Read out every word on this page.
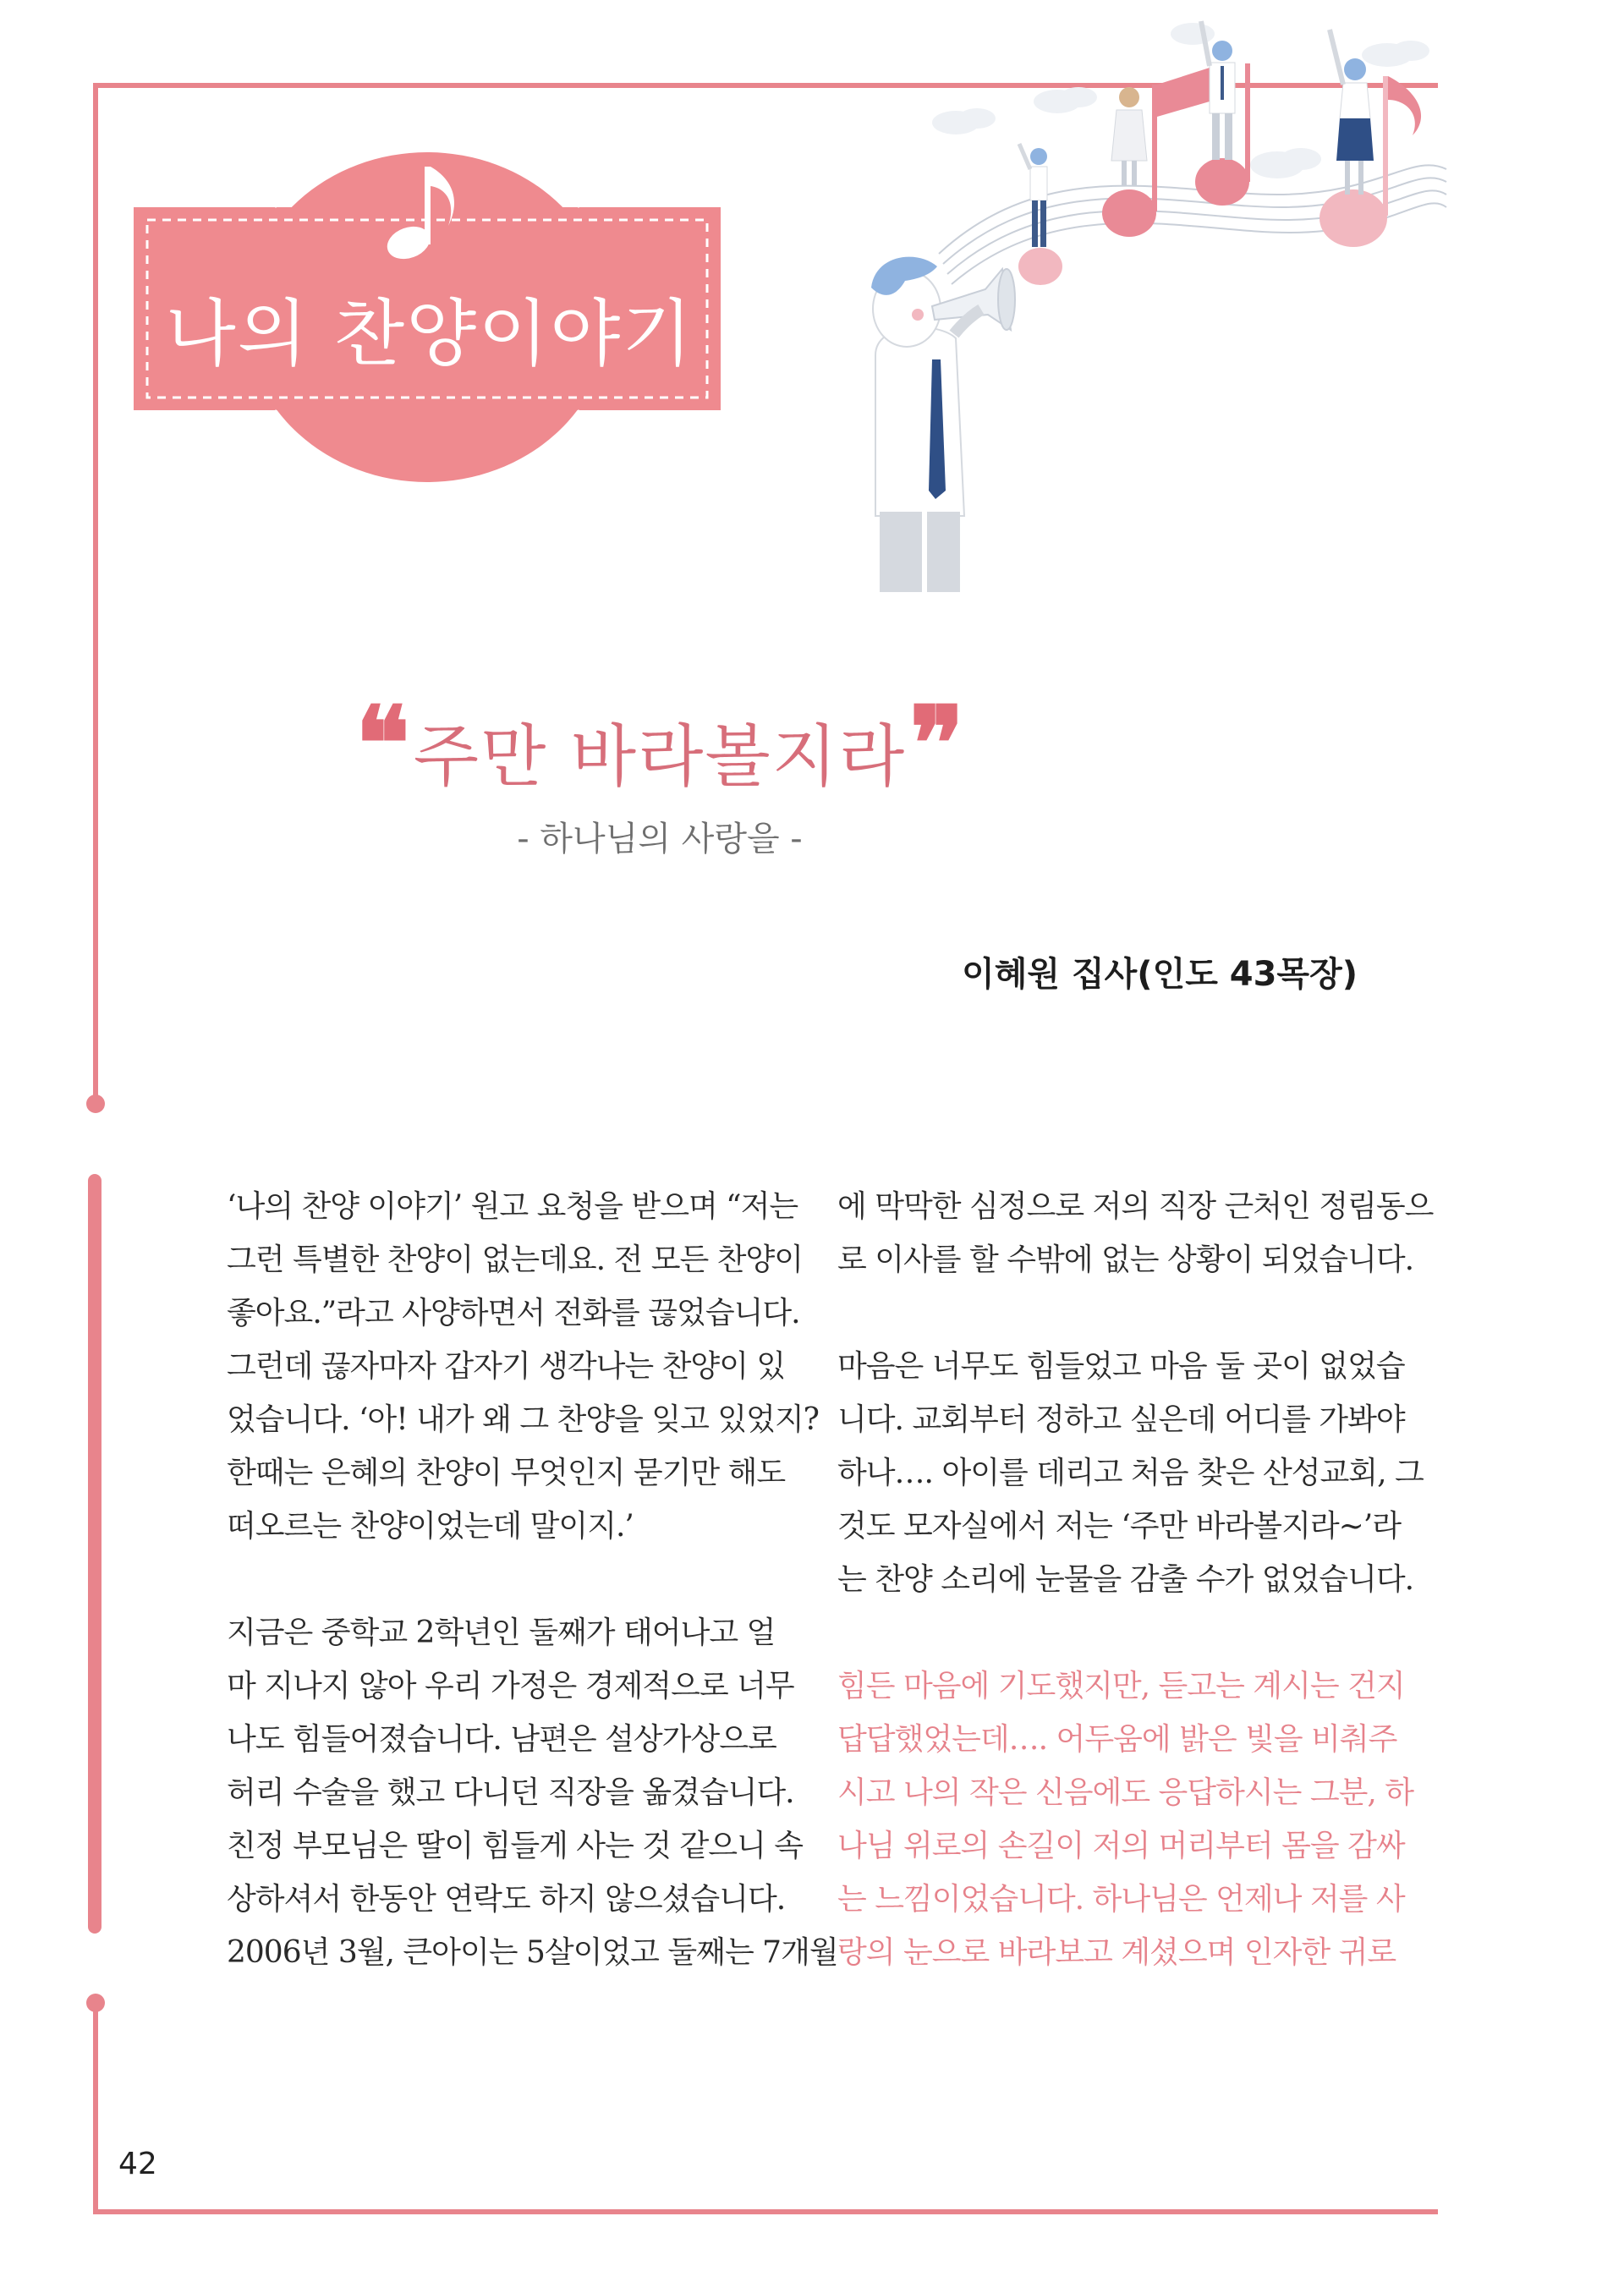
나의 찬양이야기
❝ 주만 바라볼지라 ❞
- 하나님의 사랑을 -
이혜원 집사(인도 43목장)

‘나의 찬양 이야기’ 원고 요청을 받으며 “저는

그런 특별한 찬양이 없는데요. 전 모든 찬양이

좋아요.”라고 사양하면서 전화를 끊었습니다.

그런데 끊자마자 갑자기 생각나는 찬양이 있

었습니다. ‘아! 내가 왜 그 찬양을 잊고 있었지?

한때는 은혜의 찬양이 무엇인지 묻기만 해도

떠오르는 찬양이었는데 말이지.’

지금은 중학교 2학년인 둘째가 태어나고 얼

마 지나지 않아 우리 가정은 경제적으로 너무

나도 힘들어졌습니다. 남편은 설상가상으로

허리 수술을 했고 다니던 직장을 옮겼습니다.

친정 부모님은 딸이 힘들게 사는 것 같으니 속

상하셔서 한동안 연락도 하지 않으셨습니다.

2006년 3월, 큰아이는 5살이었고 둘째는 7개월

에 막막한 심정으로 저의 직장 근처인 정림동으

로 이사를 할 수밖에 없는 상황이 되었습니다.

마음은 너무도 힘들었고 마음 둘 곳이 없었습

니다. 교회부터 정하고 싶은데 어디를 가봐야

하나…. 아이를 데리고 처음 찾은 산성교회, 그

것도 모자실에서 저는 ‘주만 바라볼지라~’라

는 찬양 소리에 눈물을 감출 수가 없었습니다.

힘든 마음에 기도했지만, 듣고는 계시는 건지

답답했었는데…. 어두움에 밝은 빛을 비춰주

시고 나의 작은 신음에도 응답하시는 그분, 하

나님 위로의 손길이 저의 머리부터 몸을 감싸

는 느낌이었습니다. 하나님은 언제나 저를 사

랑의 눈으로 바라보고 계셨으며 인자한 귀로

42
